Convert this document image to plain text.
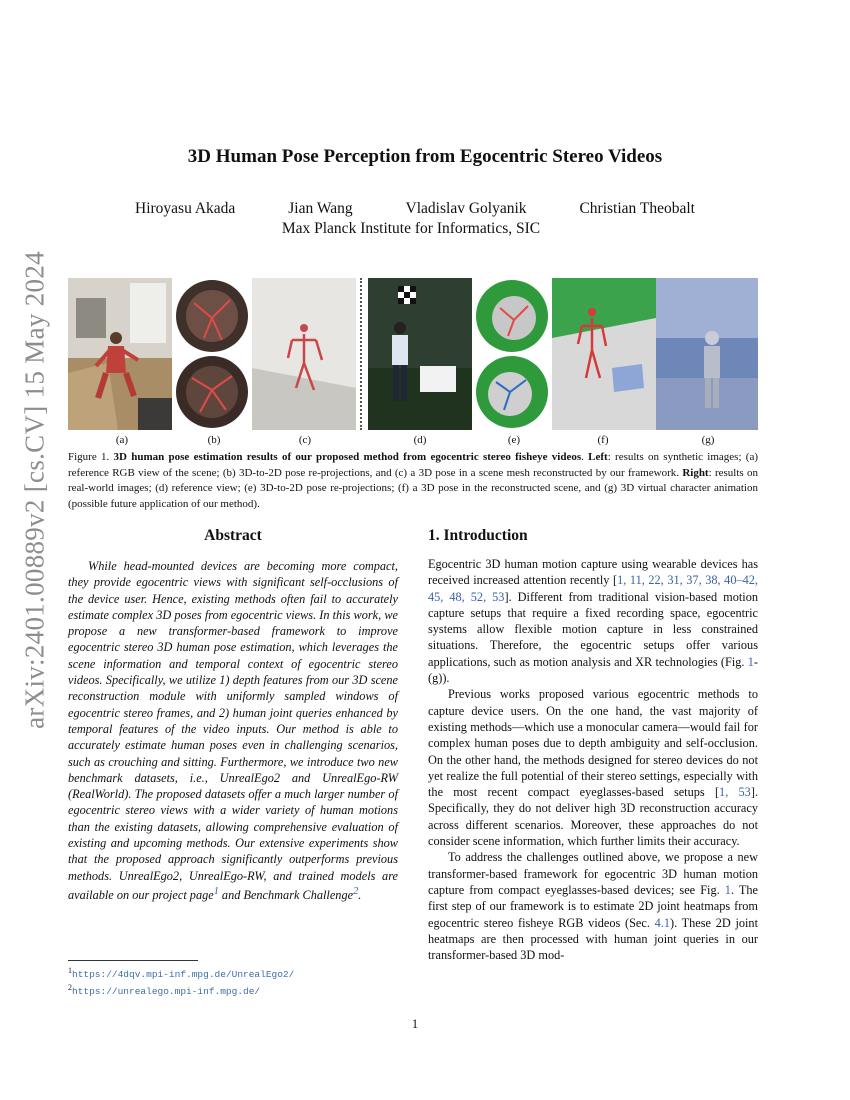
arXiv:2401.00889v2 [cs.CV] 15 May 2024
3D Human Pose Perception from Egocentric Stereo Videos
Hiroyasu Akada	Jian Wang	Vladislav Golyanik	Christian Theobalt
Max Planck Institute for Informatics, SIC
(a)	(b)	(c)	(d)	(e)	(f)	(g)

Figure 1. 3D human pose estimation results of our proposed method from egocentric stereo fisheye videos. Left: results on synthetic images; (a) reference RGB view of the scene; (b) 3D-to-2D pose re-projections, and (c) a 3D pose in a scene mesh reconstructed by our framework. Right: results on real-world images; (d) reference view; (e) 3D-to-2D pose re-projections; (f) a 3D pose in the reconstructed scene, and (g) 3D virtual character animation (possible future application of our method).

Abstract

While head-mounted devices are becoming more compact, they provide egocentric views with significant self-occlusions of the device user. Hence, existing methods often fail to accurately estimate complex 3D poses from egocentric views. In this work, we propose a new transformer-based framework to improve egocentric stereo 3D human pose estimation, which leverages the scene information and temporal context of egocentric stereo videos. Specifically, we utilize 1) depth features from our 3D scene reconstruction module with uniformly sampled windows of egocentric stereo frames, and 2) human joint queries enhanced by temporal features of the video inputs. Our method is able to accurately estimate human poses even in challenging scenarios, such as crouching and sitting. Furthermore, we introduce two new benchmark datasets, i.e., UnrealEgo2 and UnrealEgo-RW (RealWorld). The proposed datasets offer a much larger number of egocentric stereo views with a wider variety of human motions than the existing datasets, allowing comprehensive evaluation of existing and upcoming methods. Our extensive experiments show that the proposed approach significantly outperforms previous methods. UnrealEgo2, UnrealEgo-RW, and trained models are available on our project page$^1$ and Benchmark Challenge$^2$.

$^1$https://4dqv.mpi-inf.mpg.de/UnrealEgo2/
$^2$https://unrealego.mpi-inf.mpg.de/
1. Introduction

Egocentric 3D human motion capture using wearable devices has received increased attention recently [1, 11, 22, 31, 37, 38, 40–42, 45, 48, 52, 53]. Different from traditional vision-based motion capture setups that require a fixed recording space, egocentric systems allow flexible motion capture in less constrained situations. Therefore, the egocentric setups offer various applications, such as motion analysis and XR technologies (Fig. 1-(g)).

Previous works proposed various egocentric methods to capture device users. On the one hand, the vast majority of existing methods—which use a monocular camera—would fail for complex human poses due to depth ambiguity and self-occlusion. On the other hand, the methods designed for stereo devices do not yet realize the full potential of their stereo settings, especially with the most recent compact eyeglasses-based setups [1, 53]. Specifically, they do not deliver high 3D reconstruction accuracy across different scenarios. Moreover, these approaches do not consider scene information, which further limits their accuracy.

To address the challenges outlined above, we propose a new transformer-based framework for egocentric 3D human motion capture from compact eyeglasses-based devices; see Fig. 1. The first step of our framework is to estimate 2D joint heatmaps from egocentric stereo fisheye RGB videos (Sec. 4.1). These 2D joint heatmaps are then processed with human joint queries in our transformer-based 3D mod-

1
